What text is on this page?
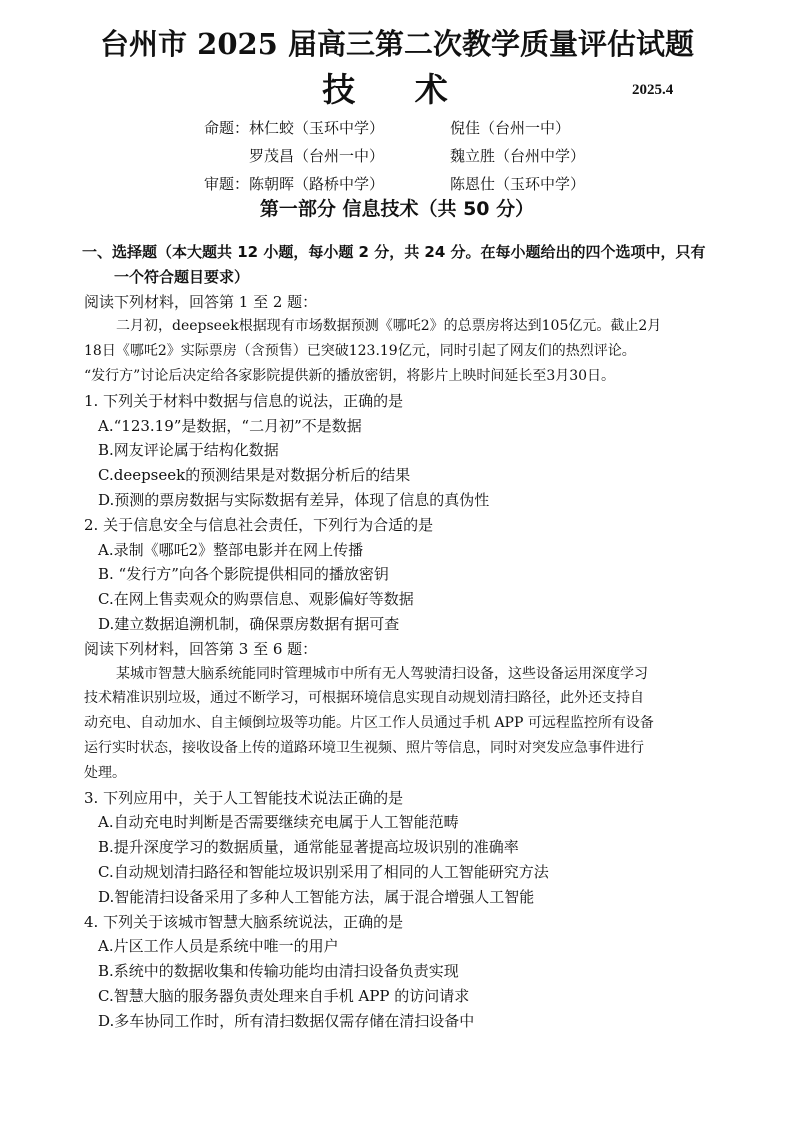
台州市 2025 届高三第二次教学质量评估试题
技 术	2025.4
命题：林仁蛟（玉环中学）	倪佳（台州一中）
　　　罗茂昌（台州一中）	魏立胜（台州中学）
审题：陈朝晖（路桥中学）	陈恩仕（玉环中学）
第一部分 信息技术（共 50 分）
一、选择题（本大题共 12 小题，每小题 2 分，共 24 分。在每小题给出的四个选项中，只有
一个符合题目要求）
阅读下列材料，回答第 1 至 2 题：
二月初，deepseek根据现有市场数据预测《哪吒2》的总票房将达到105亿元。截止2月
18日《哪吒2》实际票房（含预售）已突破123.19亿元，同时引起了网友们的热烈评论。
“发行方”讨论后决定给各家影院提供新的播放密钥，将影片上映时间延长至3月30日。
1. 下列关于材料中数据与信息的说法，正确的是
A.“123.19”是数据，“二月初”不是数据
B.网友评论属于结构化数据
C.deepseek的预测结果是对数据分析后的结果
D.预测的票房数据与实际数据有差异，体现了信息的真伪性
2. 关于信息安全与信息社会责任，下列行为合适的是
A.录制《哪吒2》整部电影并在网上传播
B. “发行方”向各个影院提供相同的播放密钥
C.在网上售卖观众的购票信息、观影偏好等数据
D.建立数据追溯机制，确保票房数据有据可查
阅读下列材料，回答第 3 至 6 题：
某城市智慧大脑系统能同时管理城市中所有无人驾驶清扫设备，这些设备运用深度学习
技术精准识别垃圾，通过不断学习，可根据环境信息实现自动规划清扫路径，此外还支持自
动充电、自动加水、自主倾倒垃圾等功能。片区工作人员通过手机 APP 可远程监控所有设备
运行实时状态，接收设备上传的道路环境卫生视频、照片等信息，同时对突发应急事件进行
处理。
3. 下列应用中，关于人工智能技术说法正确的是
A.自动充电时判断是否需要继续充电属于人工智能范畴
B.提升深度学习的数据质量，通常能显著提高垃圾识别的准确率
C.自动规划清扫路径和智能垃圾识别采用了相同的人工智能研究方法
D.智能清扫设备采用了多种人工智能方法，属于混合增强人工智能
4. 下列关于该城市智慧大脑系统说法，正确的是
A.片区工作人员是系统中唯一的用户
B.系统中的数据收集和传输功能均由清扫设备负责实现
C.智慧大脑的服务器负责处理来自手机 APP 的访问请求
D.多车协同工作时，所有清扫数据仅需存储在清扫设备中
